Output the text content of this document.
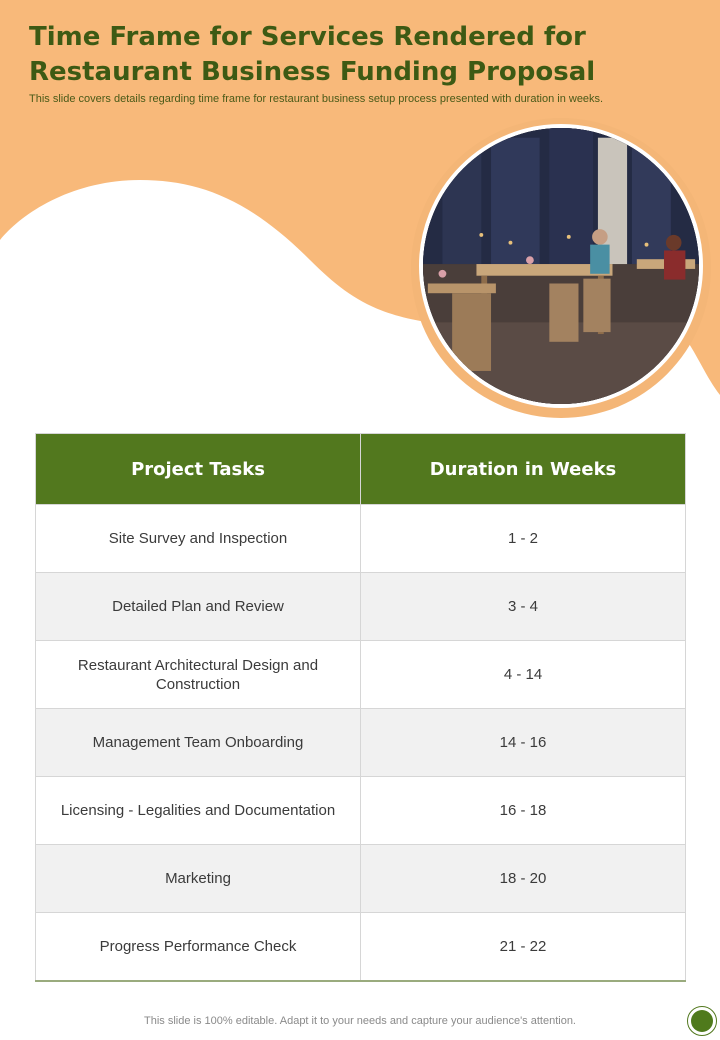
Time Frame for Services Rendered for Restaurant Business Funding Proposal

This slide covers details regarding time frame for restaurant business setup process presented with duration in weeks.

Project Tasks	Duration in Weeks
Site Survey and Inspection	1 - 2
Detailed Plan and Review	3 - 4
Restaurant Architectural Design and Construction	4 - 14
Management Team Onboarding	14 - 16
Licensing - Legalities and Documentation	16 - 18
Marketing	18 - 20
Progress Performance Check	21 - 22

This slide is 100% editable. Adapt it to your needs and capture your audience's attention.
